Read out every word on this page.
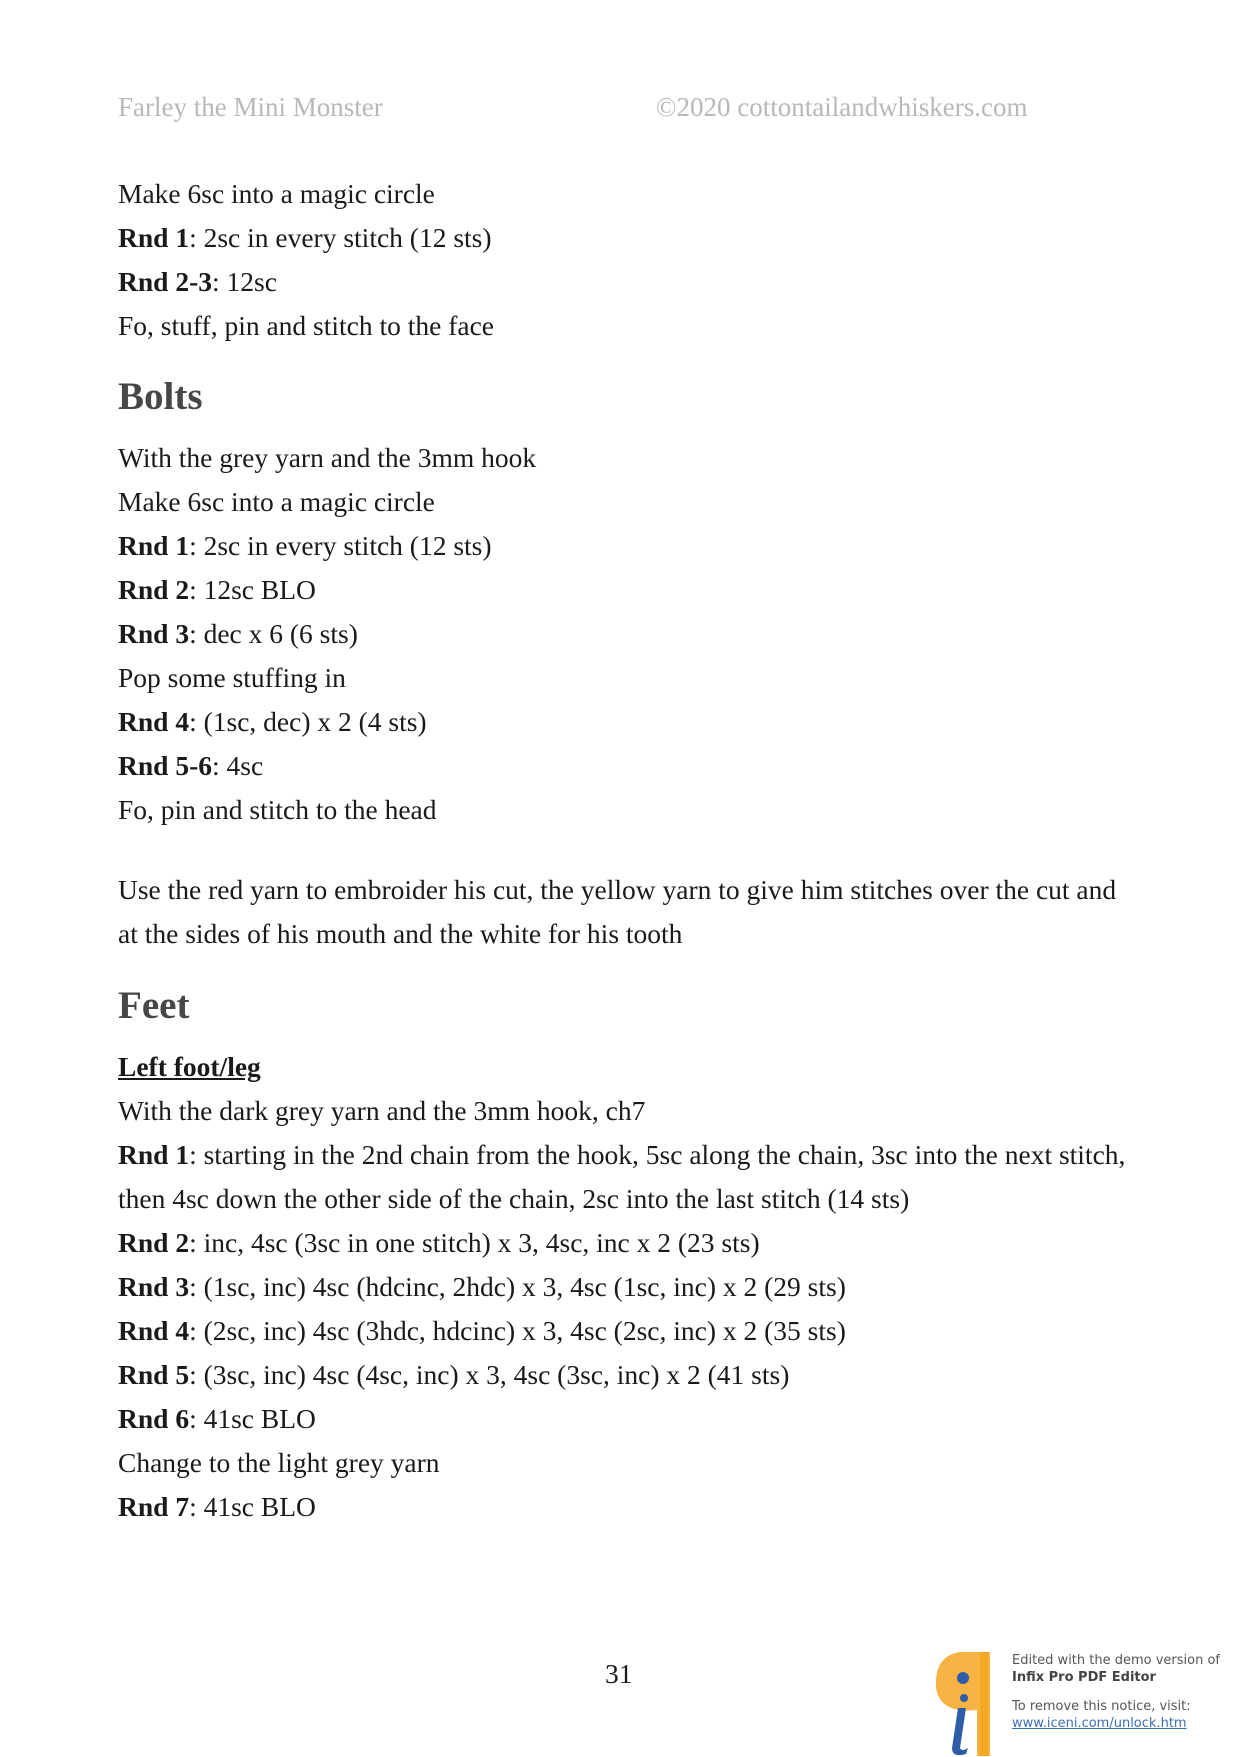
Farley the Mini Monster	©2020 cottontailandwhiskers.com

Make 6sc into a magic circle

Rnd 1: 2sc in every stitch (12 sts)

Rnd 2-3: 12sc

Fo, stuff, pin and stitch to the face

Bolts

With the grey yarn and the 3mm hook

Make 6sc into a magic circle

Rnd 1: 2sc in every stitch (12 sts)

Rnd 2: 12sc BLO

Rnd 3: dec x 6 (6 sts)

Pop some stuffing in

Rnd 4: (1sc, dec) x 2 (4 sts)

Rnd 5-6: 4sc

Fo, pin and stitch to the head

Use the red yarn to embroider his cut, the yellow yarn to give him stitches over the cut and at the sides of his mouth and the white for his tooth

Feet

Left foot/leg

With the dark grey yarn and the 3mm hook, ch7

Rnd 1: starting in the 2nd chain from the hook, 5sc along the chain, 3sc into the next stitch, then 4sc down the other side of the chain, 2sc into the last stitch (14 sts)

Rnd 2: inc, 4sc (3sc in one stitch) x 3, 4sc, inc x 2 (23 sts)

Rnd 3: (1sc, inc) 4sc (hdcinc, 2hdc) x 3, 4sc (1sc, inc) x 2 (29 sts)

Rnd 4: (2sc, inc) 4sc (3hdc, hdcinc) x 3, 4sc (2sc, inc) x 2 (35 sts)

Rnd 5: (3sc, inc) 4sc (4sc, inc) x 3, 4sc (3sc, inc) x 2 (41 sts)

Rnd 6: 41sc BLO

Change to the light grey yarn

Rnd 7: 41sc BLO

31	Edited with the demo version of
Infix Pro PDF Editor
To remove this notice, visit:
www.iceni.com/unlock.htm
